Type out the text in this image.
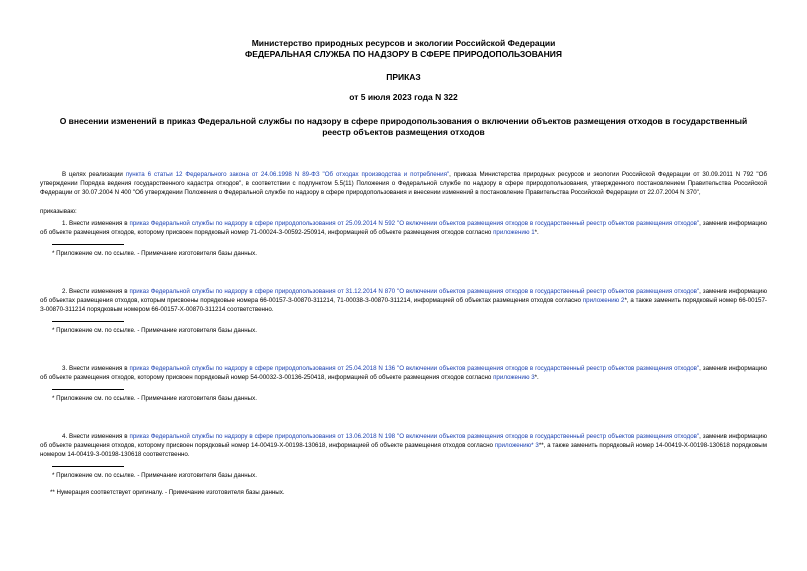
Министерство природных ресурсов и экологии Российской Федерации
ФЕДЕРАЛЬНАЯ СЛУЖБА ПО НАДЗОРУ В СФЕРЕ ПРИРОДОПОЛЬЗОВАНИЯ
ПРИКАЗ
от 5 июля 2023 года N 322
О внесении изменений в приказ Федеральной службы по надзору в сфере природопользования о включении объектов размещения отходов в государственный реестр объектов размещения отходов

В целях реализации пункта 6 статьи 12 Федерального закона от 24.06.1998 N 89-ФЗ "Об отходах производства и потребления", приказа Министерства природных ресурсов и экологии Российской Федерации от 30.09.2011 N 792 "Об утверждении Порядка ведения государственного кадастра отходов", в соответствии с подпунктом 5.5(11) Положения о Федеральной службе по надзору в сфере природопользования, утвержденного постановлением Правительства Российской Федерации от 30.07.2004 N 400 "Об утверждении Положения о Федеральной службе по надзору в сфере природопользования и внесении изменений в постановление Правительства Российской Федерации от 22.07.2004 N 370",

приказываю:

1. Внести изменения в приказ Федеральной службы по надзору в сфере природопользования от 25.09.2014 N 592 "О включении объектов размещения отходов в государственный реестр объектов размещения отходов", заменив информацию об объекте размещения отходов, которому присвоен порядковый номер 71-00024-З-00592-250914, информацией об объекте размещения отходов согласно приложению 1*.

* Приложение см. по ссылке. - Примечание изготовителя базы данных.

2. Внести изменения в приказ Федеральной службы по надзору в сфере природопользования от 31.12.2014 N 870 "О включении объектов размещения отходов в государственный реестр объектов размещения отходов", заменив информацию об объектах размещения отходов, которым присвоены порядковые номера 66-00157-З-00870-311214, 71-00038-З-00870-311214, информацией об объектах размещения отходов согласно приложению 2*, а также заменить порядковый номер 66-00157-З-00870-311214 порядковым номером 66-00157-Х-00870-311214 соответственно.

* Приложение см. по ссылке. - Примечание изготовителя базы данных.

3. Внести изменения в приказ Федеральной службы по надзору в сфере природопользования от 25.04.2018 N 136 "О включении объектов размещения отходов в государственный реестр объектов размещения отходов", заменив информацию об объекте размещения отходов, которому присвоен порядковый номер 54-00032-З-00136-250418, информацией об объекте размещения отходов согласно приложению 3*.

* Приложение см. по ссылке. - Примечание изготовителя базы данных.

4. Внести изменения в приказ Федеральной службы по надзору в сфере природопользования от 13.06.2018 N 198 "О включении объектов размещения отходов в государственный реестр объектов размещения отходов", заменив информацию об объекте размещения отходов, которому присвоен порядковый номер 14-00419-Х-00198-130618, информацией об объекте размещения отходов согласно приложению* 3**, а также заменить порядковый номер 14-00419-Х-00198-130618 порядковым номером 14-00419-З-00198-130618 соответственно.

* Приложение см. по ссылке. - Примечание изготовителя базы данных.
** Нумерация соответствует оригиналу. - Примечание изготовителя базы данных.
